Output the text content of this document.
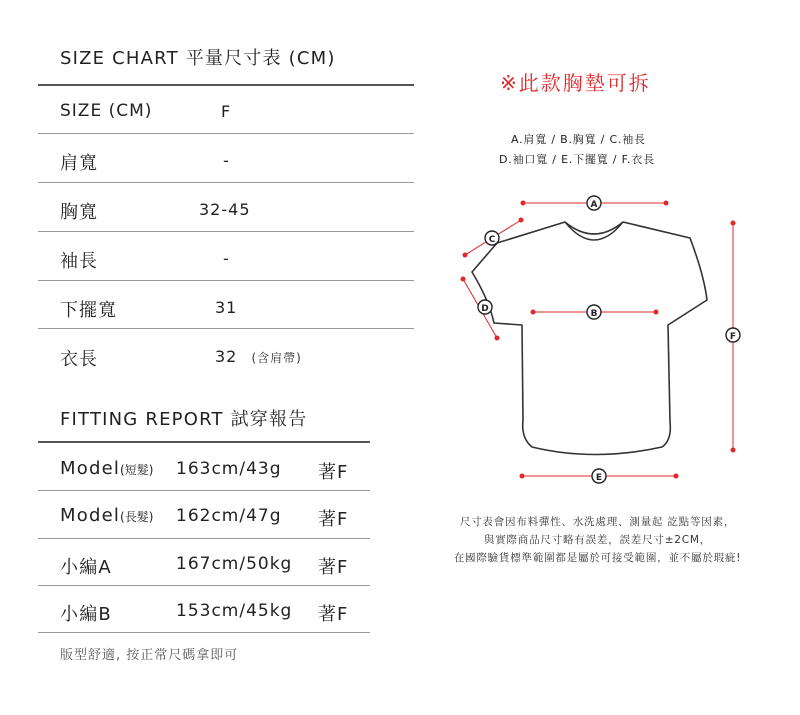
SIZE CHART 平量尺寸表 (CM)
SIZE (CM)	F
肩寬	-
胸寬	32-45
袖長	-
下擺寬	31
衣長	32 (含肩帶)
FITTING REPORT 試穿報告
Model(短髮) 163cm/43g 著F
Model(長髮) 162cm/47g 著F
小編A	167cm/50kg 著F
小編B	153cm/45kg 著F
版型舒適, 按正常尺碼拿即可
※此款胸墊可拆
A.肩寬 / B.胸寬 / C.袖長
D.袖口寬 / E.下擺寬 / F.衣長
A
C
D	B
E
F
尺寸表會因布料彈性、水洗處理、測量起 訖點等因素，
與實際商品尺寸略有誤差，誤差尺寸±2CM，
在國際驗貨標準範圍都是屬於可接受範圍，並不屬於瑕疵!
